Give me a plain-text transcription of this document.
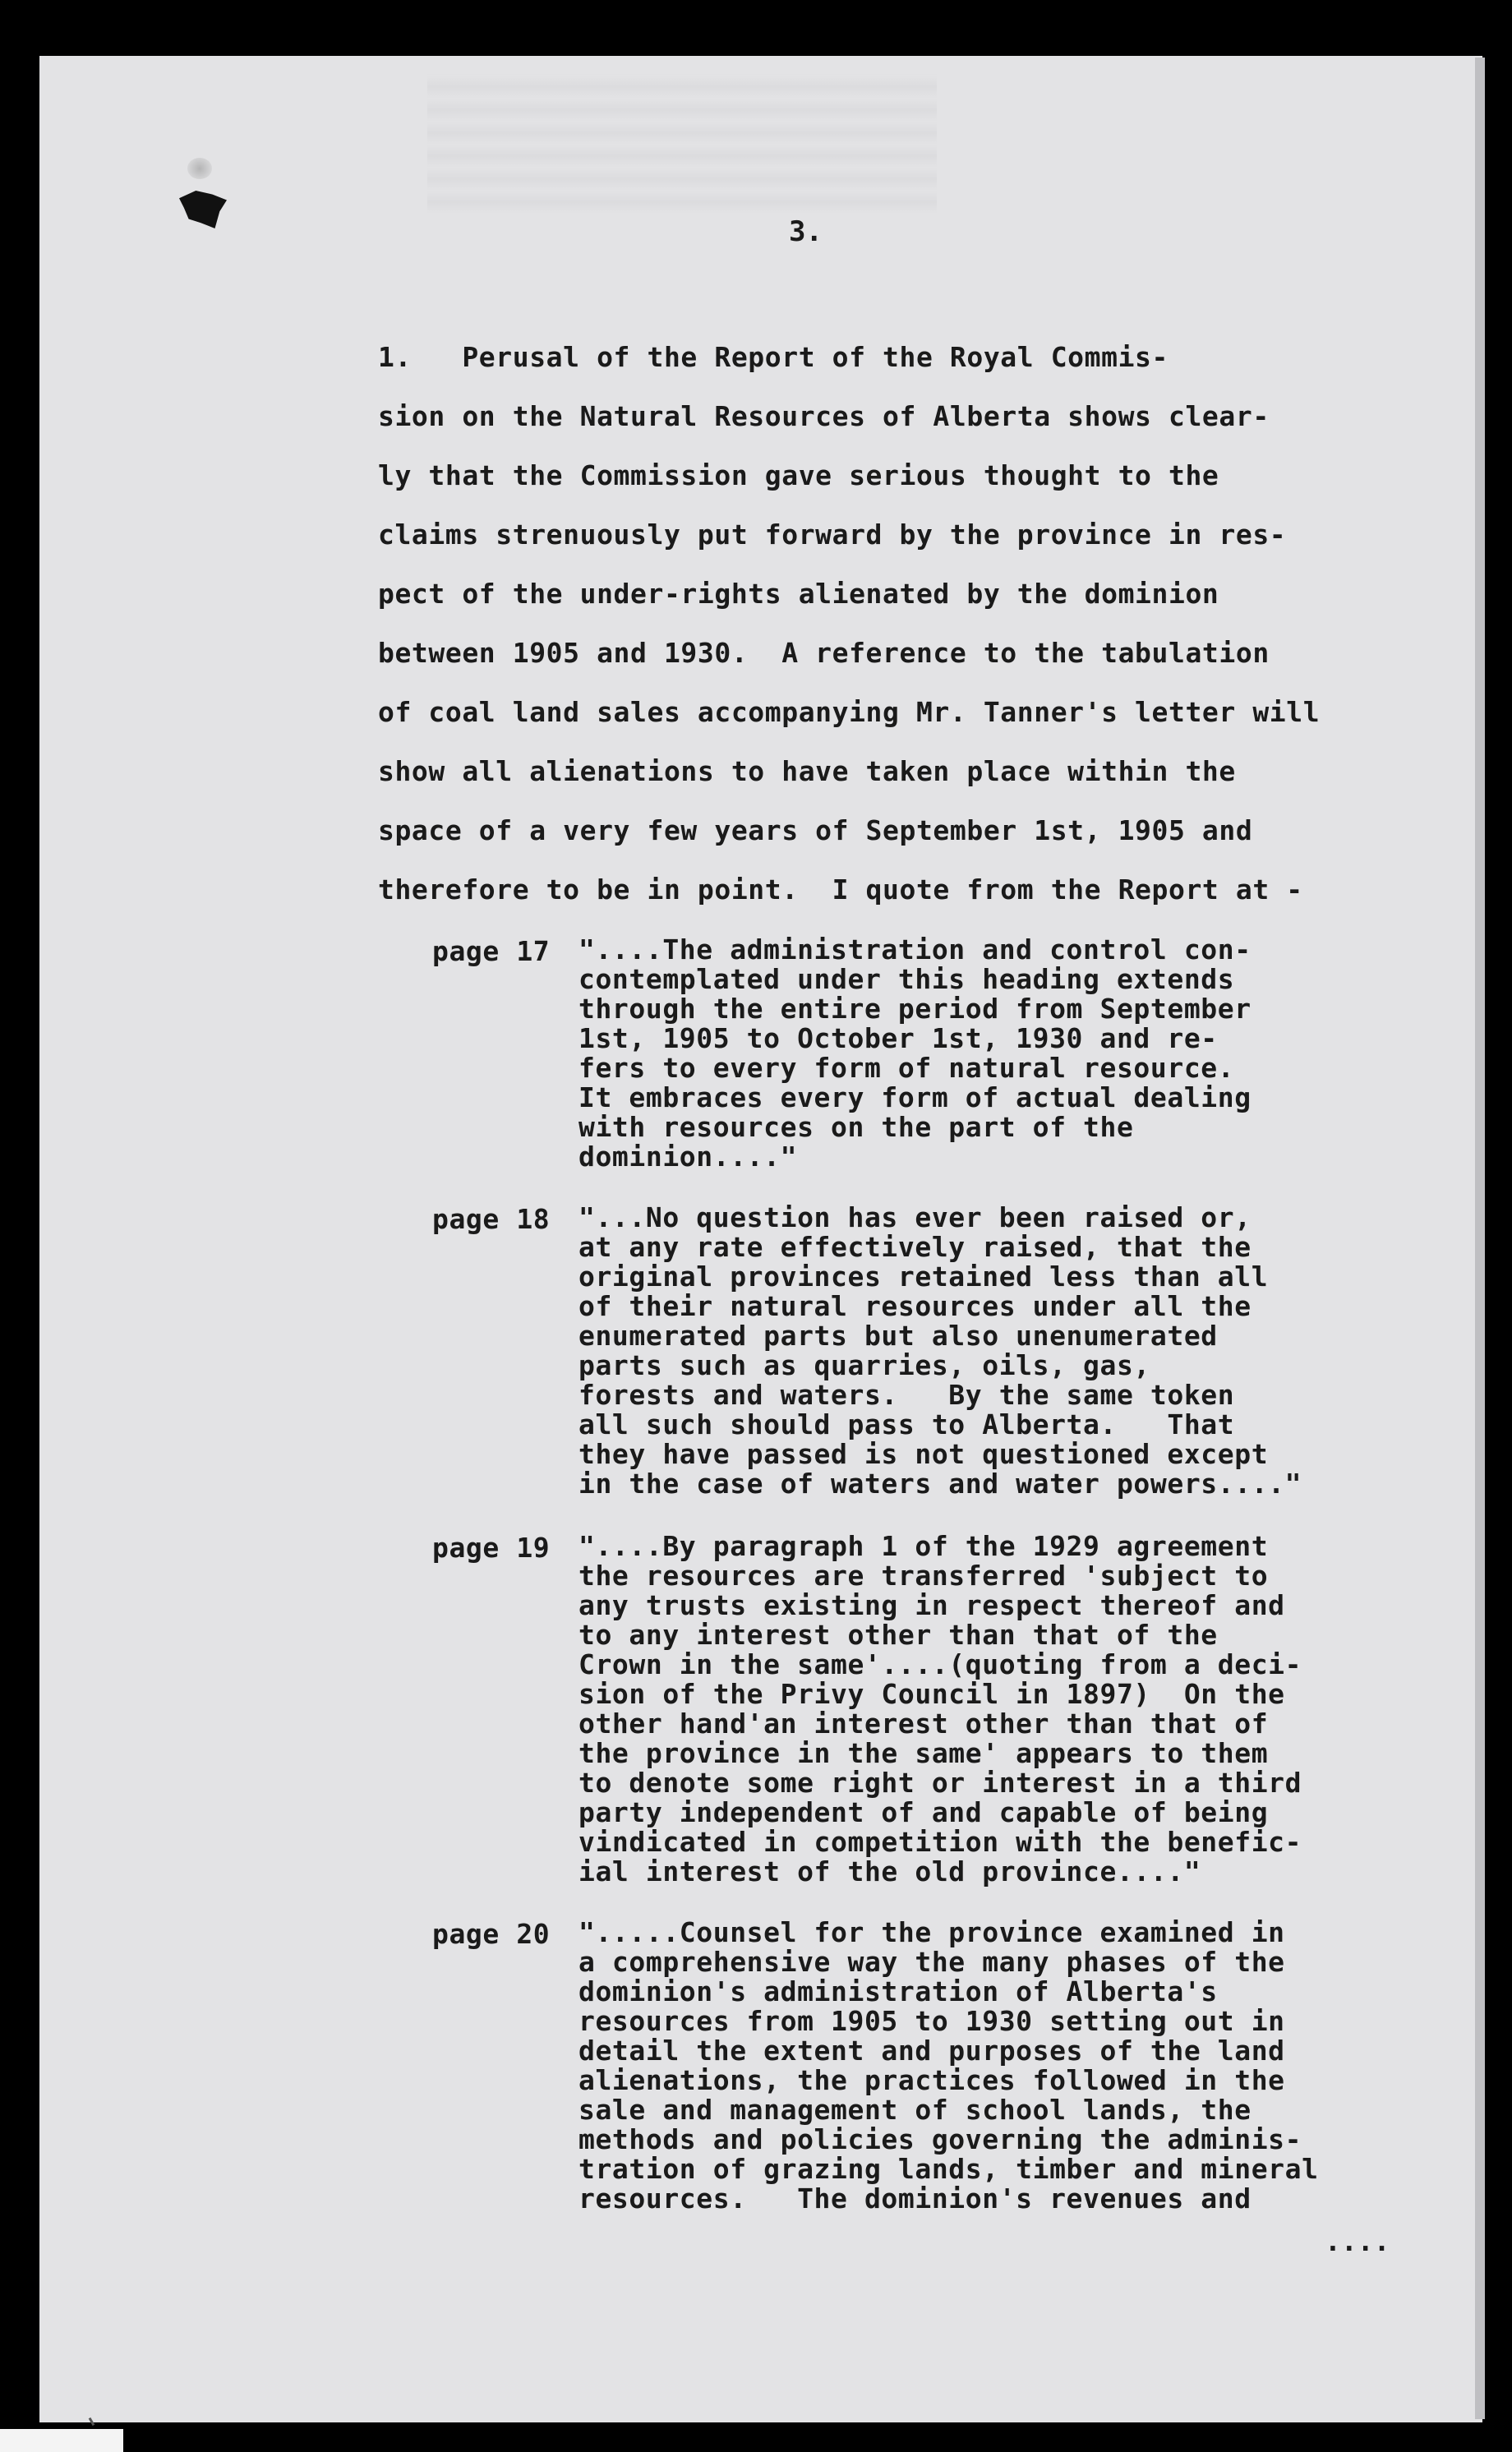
3.
1.   Perusal of the Report of the Royal Commis-
sion on the Natural Resources of Alberta shows clear-
ly that the Commission gave serious thought to the
claims strenuously put forward by the province in res-
pect of the under-rights alienated by the dominion
between 1905 and 1930.  A reference to the tabulation
of coal land sales accompanying Mr. Tanner's letter will
show all alienations to have taken place within the
space of a very few years of September 1st, 1905 and
therefore to be in point.  I quote from the Report at -
page 17 "....The administration and control con-
contemplated under this heading extends
through the entire period from September
1st, 1905 to October 1st, 1930 and re-
fers to every form of natural resource.
It embraces every form of actual dealing
with resources on the part of the
dominion...."
page 18 "...No question has ever been raised or,
at any rate effectively raised, that the
original provinces retained less than all
of their natural resources under all the
enumerated parts but also unenumerated
parts such as quarries, oils, gas,
forests and waters.   By the same token
all such should pass to Alberta.   That
they have passed is not questioned except
in the case of waters and water powers...."
page 19 "....By paragraph 1 of the 1929 agreement
the resources are transferred 'subject to
any trusts existing in respect thereof and
to any interest other than that of the
Crown in the same'....(quoting from a deci-
sion of the Privy Council in 1897)  On the
other hand'an interest other than that of
the province in the same' appears to them
to denote some right or interest in a third
party independent of and capable of being
vindicated in competition with the benefic-
ial interest of the old province...."
page 20 ".....Counsel for the province examined in
a comprehensive way the many phases of the
dominion's administration of Alberta's
resources from 1905 to 1930 setting out in
detail the extent and purposes of the land
alienations, the practices followed in the
sale and management of school lands, the
methods and policies governing the adminis-
tration of grazing lands, timber and mineral
resources.   The dominion's revenues and
....
